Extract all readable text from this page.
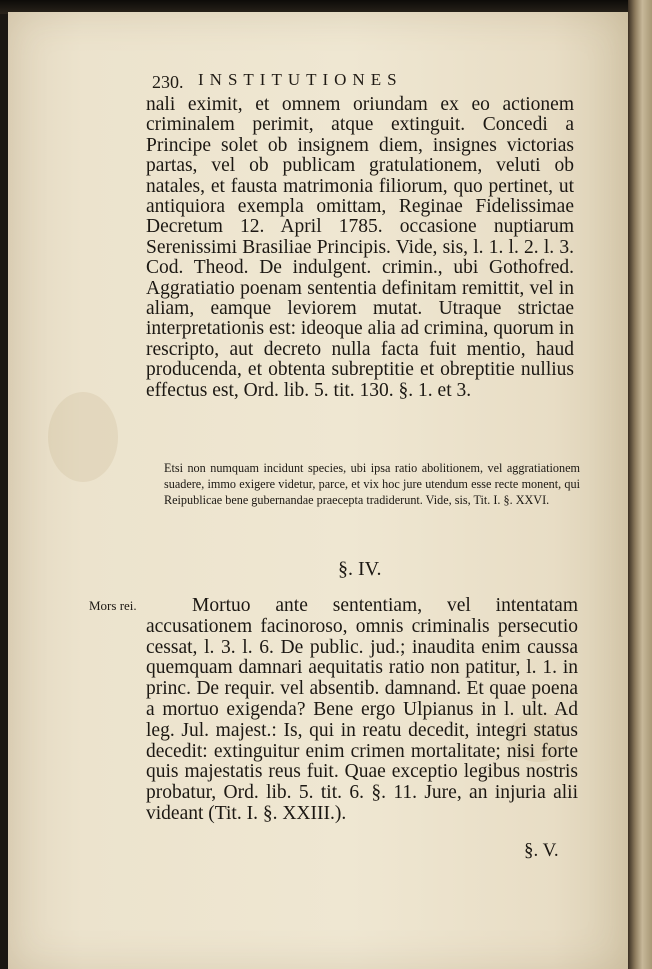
230. INSTITUTIONES

nali eximit, et omnem oriundam ex eo actionem criminalem perimit, atque extinguit. Concedi a Principe solet ob insignem diem, insignes victorias partas, vel ob publicam gratulationem, veluti ob natales, et fausta matrimonia filiorum, quo pertinet, ut antiquiora exempla omittam, Reginae Fidelissimae Decretum 12. April 1785. occasione nuptiarum Serenissimi Brasiliae Principis. Vide, sis, l. 1. l. 2. l. 3. Cod. Theod. De indulgent. crimin., ubi Gothofred. Aggratiatio poenam sententia definitam remittit, vel in aliam, eamque leviorem mutat. Utraque strictae interpretationis est: ideoque alia ad crimina, quorum in rescripto, aut decreto nulla facta fuit mentio, haud producenda, et obtenta subreptitie et obreptitie nullius effectus est, Ord. lib. 5. tit. 130. §. 1. et 3.

Etsi non numquam incidunt species, ubi ipsa ratio abolitionem, vel aggratiationem suadere, immo exigere videtur, parce, et vix hoc jure utendum esse recte monent, qui Reipublicae bene gubernandae praecepta tradiderunt. Vide, sis, Tit. I. §. XXVI.

§. IV.
Mors rei.	Mortuo ante sententiam, vel intentatam accusationem facinoroso, omnis criminalis persecutio cessat, l. 3. l. 6. De public. jud.; inaudita enim caussa quemquam damnari aequitatis ratio non patitur, l. 1. in princ. De requir. vel absentib. damnand. Et quae poena a mortuo exigenda? Bene ergo Ulpianus in l. ult. Ad leg. Jul. majest.: Is, qui in reatu decedit, integri status decedit: extinguitur enim crimen mortalitate; nisi forte quis majestatis reus fuit. Quae exceptio legibus nostris probatur, Ord. lib. 5. tit. 6. §. 11. Jure, an injuria alii videant (Tit. I. §. XXIII.).

§. V.
